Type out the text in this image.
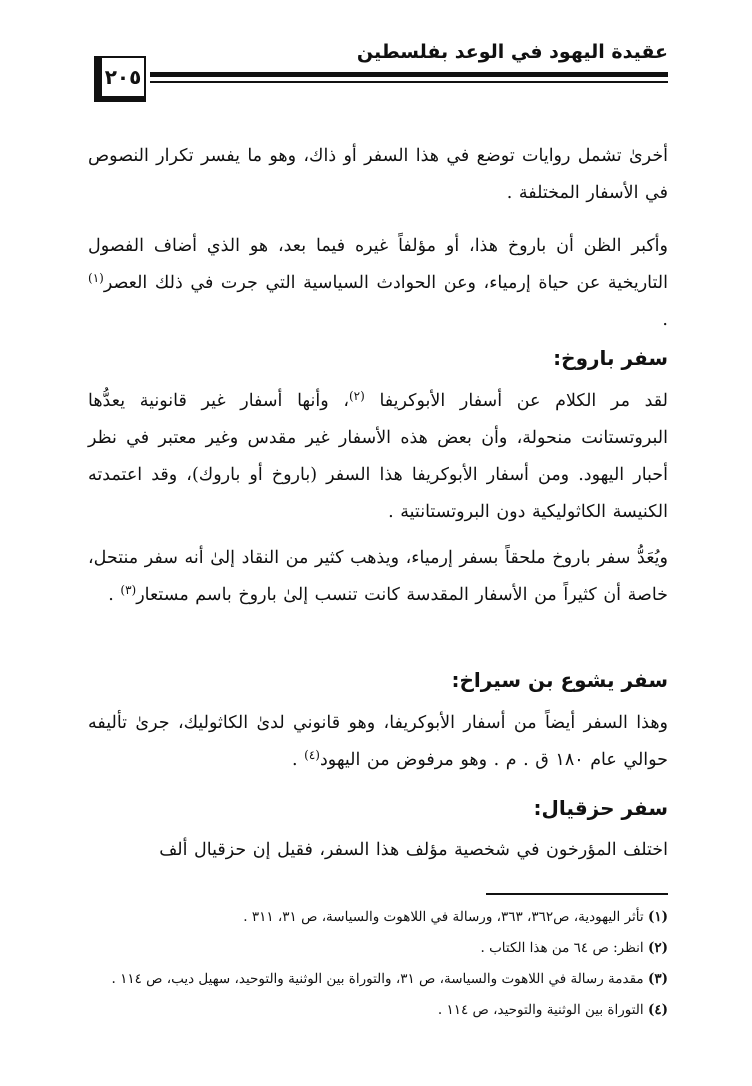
عقيدة اليهود في الوعد بفلسطين
٢٠٥

أخرىٰ تشمل روايات توضع في هذا السفر أو ذاك، وهو ما يفسر تكرار النصوص في الأسفار المختلفة .

وأكبر الظن أن باروخ هذا، أو مؤلفاً غيره فيما بعد، هو الذي أضاف الفصول التاريخية عن حياة إرمياء، وعن الحوادث السياسية التي جرت في ذلك العصر$^{(١)}$ .

سفر باروخ:

لقد مر الكلام عن أسفار الأبوكريفا $^{(٢)}$، وأنها أسفار غير قانونية يعدُّها البروتستانت منحولة، وأن بعض هذه الأسفار غير مقدس وغير معتبر في نظر أحبار اليهود. ومن أسفار الأبوكريفا هذا السفر (باروخ أو باروك)، وقد اعتمدته الكنيسة الكاثوليكية دون البروتستانتية .

ويُعَدُّ سفر باروخ ملحقاً بسفر إرمياء، ويذهب كثير من النقاد إلىٰ أنه سفر منتحل، خاصة أن كثيراً من الأسفار المقدسة كانت تنسب إلىٰ باروخ باسم مستعار$^{(٣)}$ .

سفر يشوع بن سيراخ:

وهذا السفر أيضاً من أسفار الأبوكريفا، وهو قانوني لدىٰ الكاثوليك، جرىٰ تأليفه حوالي عام ١٨٠ ق . م . وهو مرفوض من اليهود$^{(٤)}$ .

سفر حزقيال:

اختلف المؤرخون في شخصية مؤلف هذا السفر، فقيل إن حزقيال ألف

(١) تأثر اليهودية، ص٣٦٢، ٣٦٣، ورسالة في اللاهوت والسياسة، ص ٣١، ٣١١ .
(٢) انظر: ص ٦٤ من هذا الكتاب .
(٣) مقدمة رسالة في اللاهوت والسياسة، ص ٣١، والتوراة بين الوثنية والتوحيد، سهيل ديب، ص ١١٤ .
(٤) التوراة بين الوثنية والتوحيد، ص ١١٤ .
